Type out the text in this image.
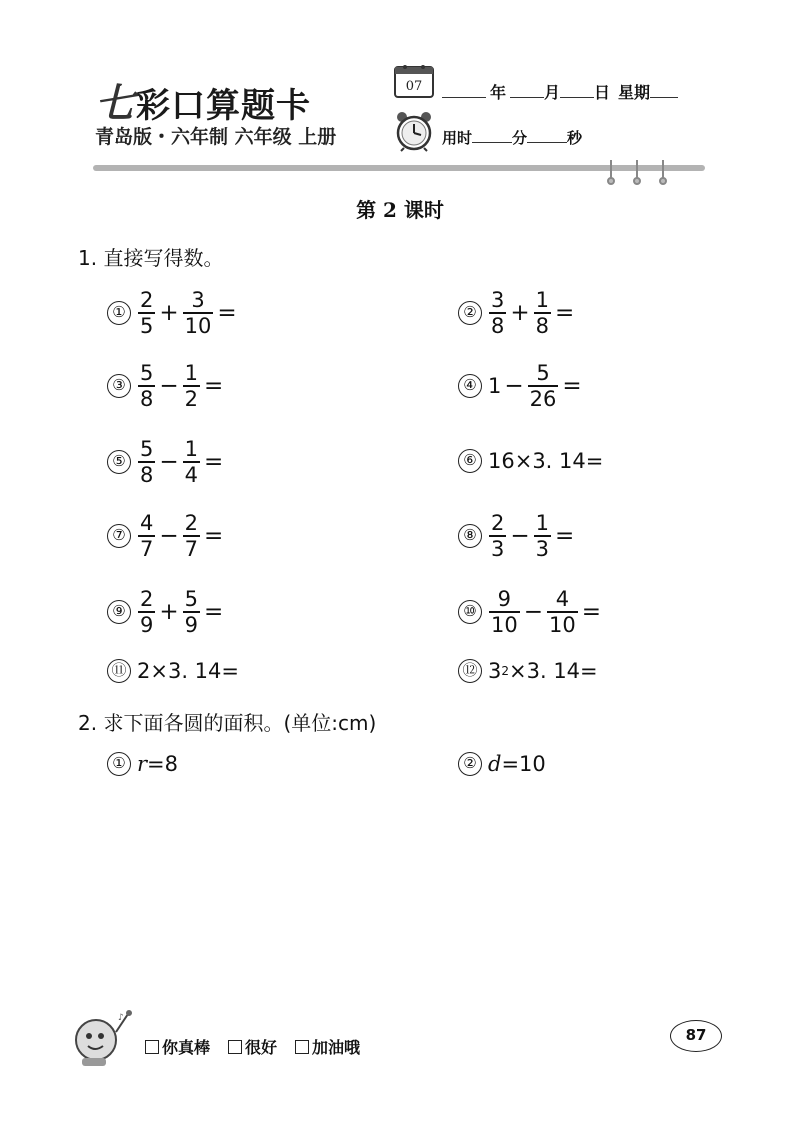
七彩口算题卡
青岛版・六年制 六年级 上册
07	年 月 日 星期
用时	分	秒
第 2 课时
1. 直接写得数。
① $\frac{2}{5} + \frac{3}{10}$ =	② $\frac{3}{8} + \frac{1}{8}$ =
③ $\frac{5}{8} - \frac{1}{2}$ =	④ $1 - \frac{5}{26}$ =
⑤ $\frac{5}{8} - \frac{1}{4}$ =	⑥ 16×3. 14=
⑦ $\frac{4}{7} - \frac{2}{7}$ =	⑧ $\frac{2}{3} - \frac{1}{3}$ =
⑨ $\frac{2}{9} + \frac{5}{9}$ =	⑩ $\frac{9}{10} - \frac{4}{10}$ =
⑪ 2×3. 14=	⑫ 3 2 ×3. 14=
2. 求下面各圆的面积。(单位:cm)
① r =8	② d =10
♪
你真棒 很好 加油哦
87
